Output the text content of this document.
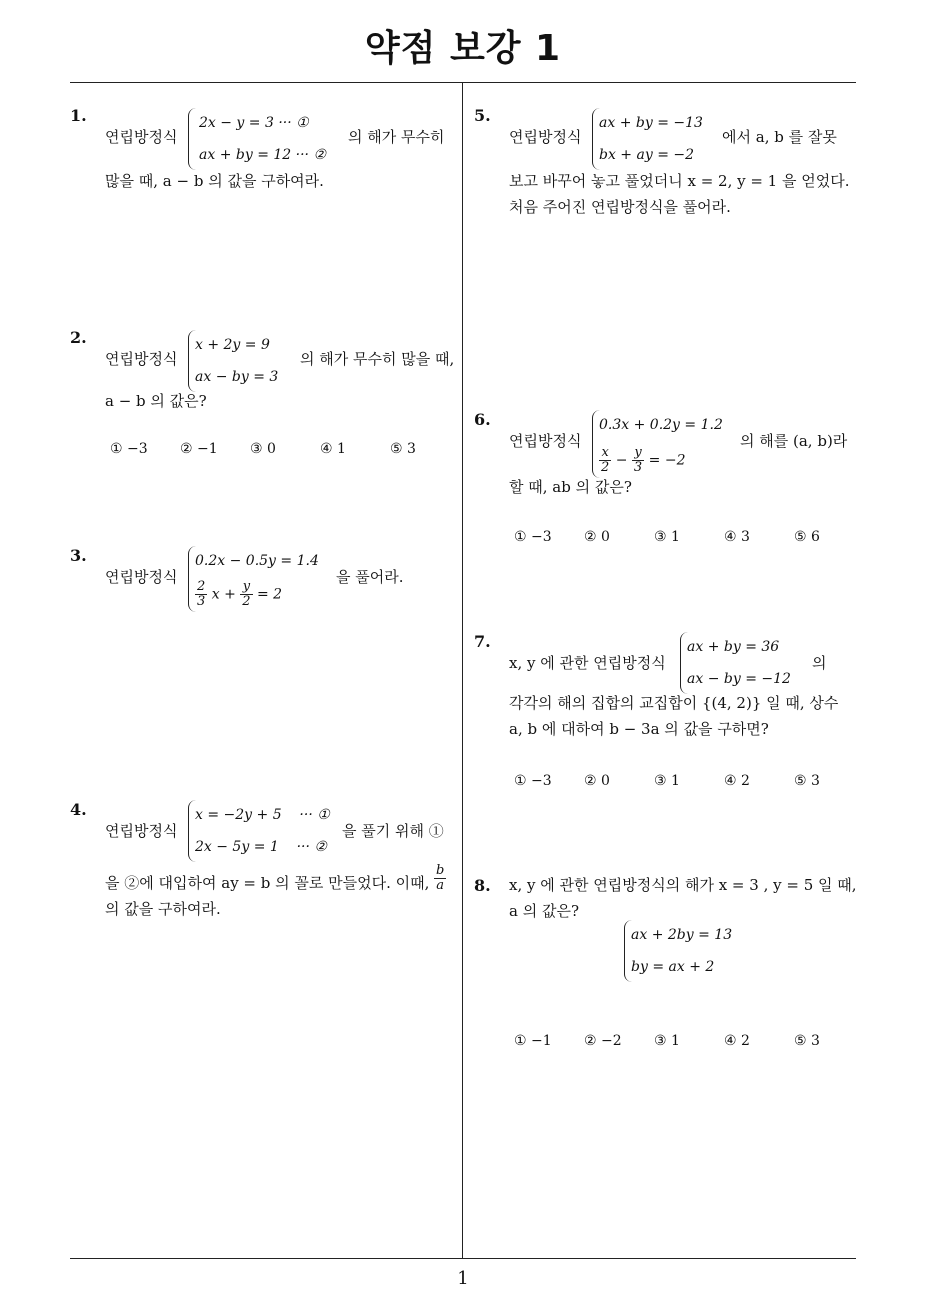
약점 보강 1
1
1.
연립방정식
2x − y = 3 ··· ①
ax + by = 12 ··· ②
의 해가 무수히
많을 때, a − b 의 값을 구하여라.
2.
연립방정식
x + 2y = 9
ax − by = 3
의 해가 무수히 많을 때,
a − b 의 값은?
① −3 ② −1 ③ 0	④ 1	⑤ 3
3.
연립방정식
0.2x − 0.5y = 1.4
$\frac{2}{3}$ $x + \frac{y}{2} = 2$
을 풀어라.
4.
연립방정식
x = −2y + 5    ··· ①
2x − 5y = 1    ··· ②
을 풀기 위해 ①
을 ②에 대입하여 ay = b 의 꼴로 만들었다. 이때, $\frac{b}{a}$
의 값을 구하여라.
5.
연립방정식
ax + by = −13
bx + ay = −2
에서 a, b 를 잘못
보고 바꾸어 놓고 풀었더니 x = 2, y = 1 을 얻었다.
처음 주어진 연립방정식을 풀어라.
6.
연립방정식
0.3x + 0.2y = 1.2
$\frac{x}{2} - \frac{y}{3} = -2$
의 해를 (a, b)라
할 때, ab 의 값은?
① −3 ② 0	③ 1	④ 3	⑤ 6
7.
x, y 에 관한 연립방정식
ax + by = 36
ax − by = −12
의
각각의 해의 집합의 교집합이 {(4, 2)} 일 때, 상수
a, b 에 대하여 b − 3a 의 값을 구하면?
① −3 ② 0	③ 1	④ 2	⑤ 3
8. x, y 에 관한 연립방정식의 해가 x = 3 , y = 5 일 때,
a 의 값은?
ax + 2by = 13
by = ax + 2
① −1 ② −2 ③ 1	④ 2	⑤ 3
